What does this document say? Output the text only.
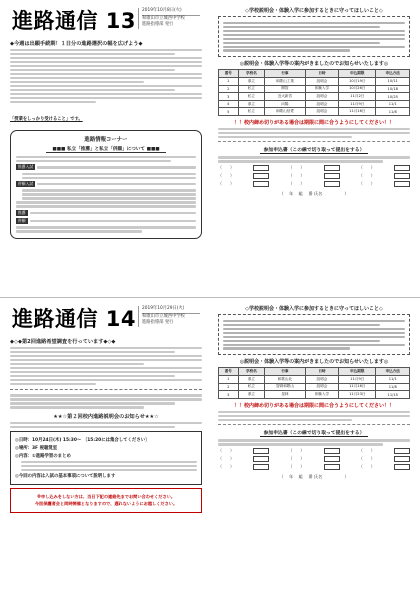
進路通信 13 2019年10月8日(火)
和歌山市立城西中学校
進路指導部 発行
◆今週は出願手続期！１日分の進路選択の幅を広げよう◆
「授業をしっかり受けること」です。
進路情報コーナー
■■■ 私立「推薦」と私立「併願」について ■■■
推薦入試
併願入試
推薦
併願
◇学校説明会・体験入学に参加するときに守ってほしいこと◇
◎説明会・体験入学等の案内がきましたのでお知らせいたします◎
番号	学校名	行事	日時	申込期限	申込方法
1	県立	和歌山工業	説明会	10月19日	10/11
2	私立	開智	体験入学	10月26日	10/18
3	私立	近大新宮	説明会	11月2日	10/25
4	県立	向陽	説明会	11月9日	11/1
5	私立	和歌山信愛	説明会	11月16日	11/8
！！校内締め切りがある場合は期限に間に合うようにしてください！！
参加申込書（この線で切り取って提出をする）
（　　）	（　　）	（　　）
（　　）	（　　）	（　　）
（　　）	（　　）	（　　）
（ 　年 　組 　番 氏名 　　　　　）
進路通信 14 2019年10月29日(火)
和歌山市立城西中学校
進路指導部 発行
◆◇◆第2回進路希望調査を行っています◆◇◆
★★☆第２回校内進路説明会のお知らせ★★☆
◎日時：10月24日(木) 15:30～ 〔15:20には集合してください〕
◎場所：3F 視聴覚室
◎内容：①進路学習のまとめ
◎今回の内容は入試の基本事項について説明します
※申し込みをしない方は、当日下記の連絡先までお問い合わせください。
今回保護者会と同時開催となりますので、遅れないようにお越しください。
◇学校説明会・体験入学に参加するときに守ってほしいこと◇
◎説明会・体験入学等の案内がきましたのでお知らせいたします◎
番号	学校名	行事	日時	申込期限	申込方法
1	県立	和歌山北	説明会	11月9日	11/1
2	私立	智辯和歌山	説明会	11月16日	11/8
3	県立	星林	体験入学	11月23日	11/15
！！校内締め切りがある場合は期限に間に合うようにしてください！！
参加申込書（この線で切り取って提出をする）
（　　）	（　　）	（　　）
（　　）	（　　）	（　　）
（　　）	（　　）	（　　）
（ 　年 　組 　番 氏名 　　　　　）
